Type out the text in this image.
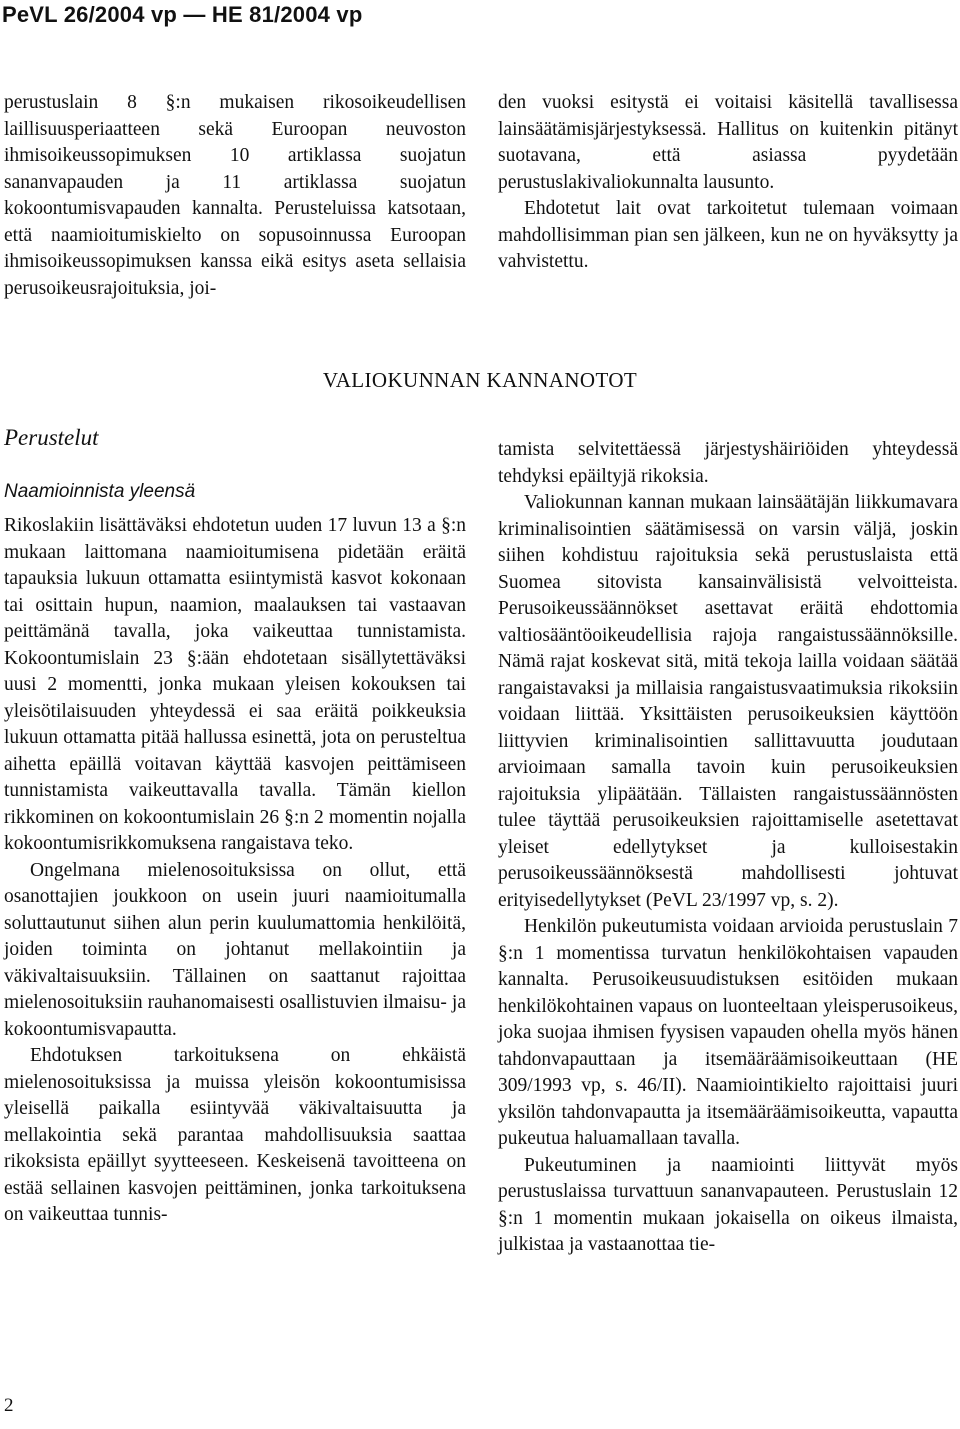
PeVL 26/2004 vp — HE 81/2004 vp

perustuslain 8 §:n mukaisen rikosoikeudellisen laillisuusperiaatteen sekä Euroopan neuvoston ihmisoikeussopimuksen 10 artiklassa suojatun sananvapauden ja 11 artiklassa suojatun kokoontumisvapauden kannalta. Perusteluissa katsotaan, että naamioitumiskielto on sopusoinnussa Euroopan ihmisoikeussopimuksen kanssa eikä esitys aseta sellaisia perusoikeusrajoituksia, joi-

den vuoksi esitystä ei voitaisi käsitellä tavallisessa lainsäätämisjärjestyksessä. Hallitus on kuitenkin pitänyt suotavana, että asiassa pyydetään perustuslakivaliokunnalta lausunto.

Ehdotetut lait ovat tarkoitetut tulemaan voimaan mahdollisimman pian sen jälkeen, kun ne on hyväksytty ja vahvistettu.

VALIOKUNNAN KANNANOTOT
Perustelut
Naamioinnista yleensä

Rikoslakiin lisättäväksi ehdotetun uuden 17 luvun 13 a §:n mukaan laittomana naamioitumisena pidetään eräitä tapauksia lukuun ottamatta esiintymistä kasvot kokonaan tai osittain hupun, naamion, maalauksen tai vastaavan peittämänä tavalla, joka vaikeuttaa tunnistamista. Kokoontumislain 23 §:ään ehdotetaan sisällytettäväksi uusi 2 momentti, jonka mukaan yleisen kokouksen tai yleisötilaisuuden yhteydessä ei saa eräitä poikkeuksia lukuun ottamatta pitää hallussa esinettä, jota on perusteltua aihetta epäillä voitavan käyttää kasvojen peittämiseen tunnistamista vaikeuttavalla tavalla. Tämän kiellon rikkominen on kokoontumislain 26 §:n 2 momentin nojalla kokoontumisrikkomuksena rangaistava teko.

Ongelmana mielenosoituksissa on ollut, että osanottajien joukkoon on usein juuri naamioitumalla soluttautunut siihen alun perin kuulumattomia henkilöitä, joiden toiminta on johtanut mellakointiin ja väkivaltaisuuksiin. Tällainen on saattanut rajoittaa mielenosoituksiin rauhanomaisesti osallistuvien ilmaisu- ja kokoontumisvapautta.

Ehdotuksen tarkoituksena on ehkäistä mielenosoituksissa ja muissa yleisön kokoontumisissa yleisellä paikalla esiintyvää väkivaltaisuutta ja mellakointia sekä parantaa mahdollisuuksia saattaa rikoksista epäillyt syytteeseen. Keskeisenä tavoitteena on estää sellainen kasvojen peittäminen, jonka tarkoituksena on vaikeuttaa tunnis-

tamista selvitettäessä järjestyshäiriöiden yhteydessä tehdyksi epäiltyjä rikoksia.

Valiokunnan kannan mukaan lainsäätäjän liikkumavara kriminalisointien säätämisessä on varsin väljä, joskin siihen kohdistuu rajoituksia sekä perustuslaista että Suomea sitovista kansainvälisistä velvoitteista. Perusoikeussäännökset asettavat eräitä ehdottomia valtiosääntöoikeudellisia rajoja rangaistussäännöksille. Nämä rajat koskevat sitä, mitä tekoja lailla voidaan säätää rangaistavaksi ja millaisia rangaistusvaatimuksia rikoksiin voidaan liittää. Yksittäisten perusoikeuksien käyttöön liittyvien kriminalisointien sallittavuutta joudutaan arvioimaan samalla tavoin kuin perusoikeuksien rajoituksia ylipäätään. Tällaisten rangaistussäännösten tulee täyttää perusoikeuksien rajoittamiselle asetettavat yleiset edellytykset ja kulloisestakin perusoikeussäännöksestä mahdollisesti johtuvat erityisedellytykset (PeVL 23/1997 vp, s. 2).

Henkilön pukeutumista voidaan arvioida perustuslain 7 §:n 1 momentissa turvatun henkilökohtaisen vapauden kannalta. Perusoikeusuudistuksen esitöiden mukaan henkilökohtainen vapaus on luonteeltaan yleisperusoikeus, joka suojaa ihmisen fyysisen vapauden ohella myös hänen tahdonvapauttaan ja itsemääräämisoikeuttaan (HE 309/1993 vp, s. 46/II). Naamiointikielto rajoittaisi juuri yksilön tahdonvapautta ja itsemääräämisoikeutta, vapautta pukeutua haluamallaan tavalla.

Pukeutuminen ja naamiointi liittyvät myös perustuslaissa turvattuun sananvapauteen. Perustuslain 12 §:n 1 momentin mukaan jokaisella on oikeus ilmaista, julkistaa ja vastaanottaa tie-

2
